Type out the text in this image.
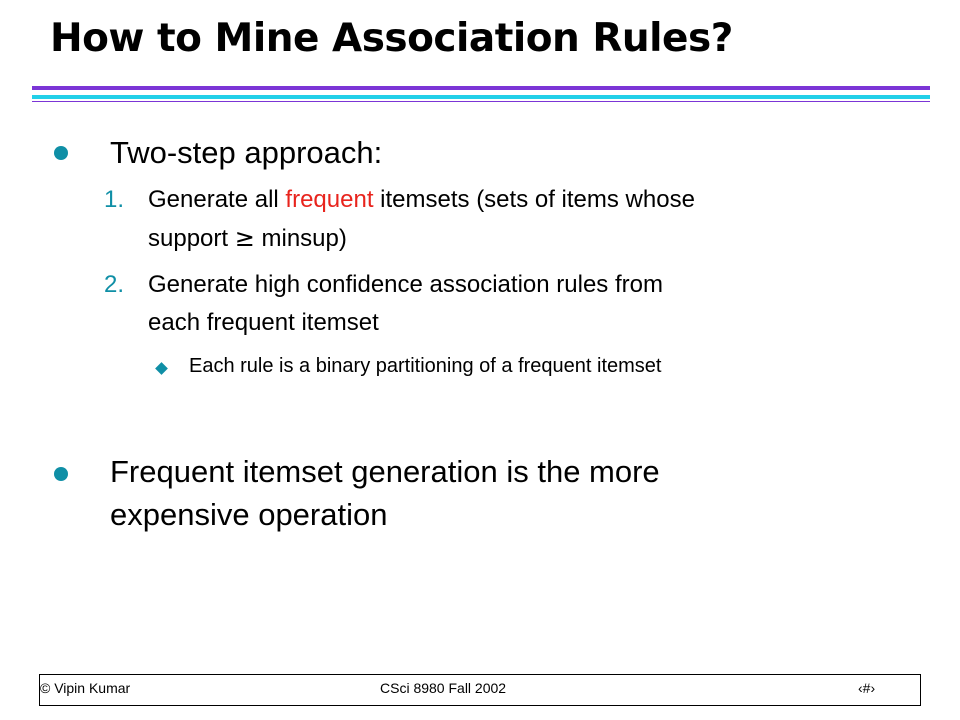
How to Mine Association Rules?
Two-step approach:
1. Generate all frequent itemsets (sets of items whose
support ≥ minsup)
2. Generate high confidence association rules from
each frequent itemset
Each rule is a binary partitioning of a frequent itemset
Frequent itemset generation is the more
expensive operation
© Vipin Kumar	CSci 8980 Fall 2002	‹#›
